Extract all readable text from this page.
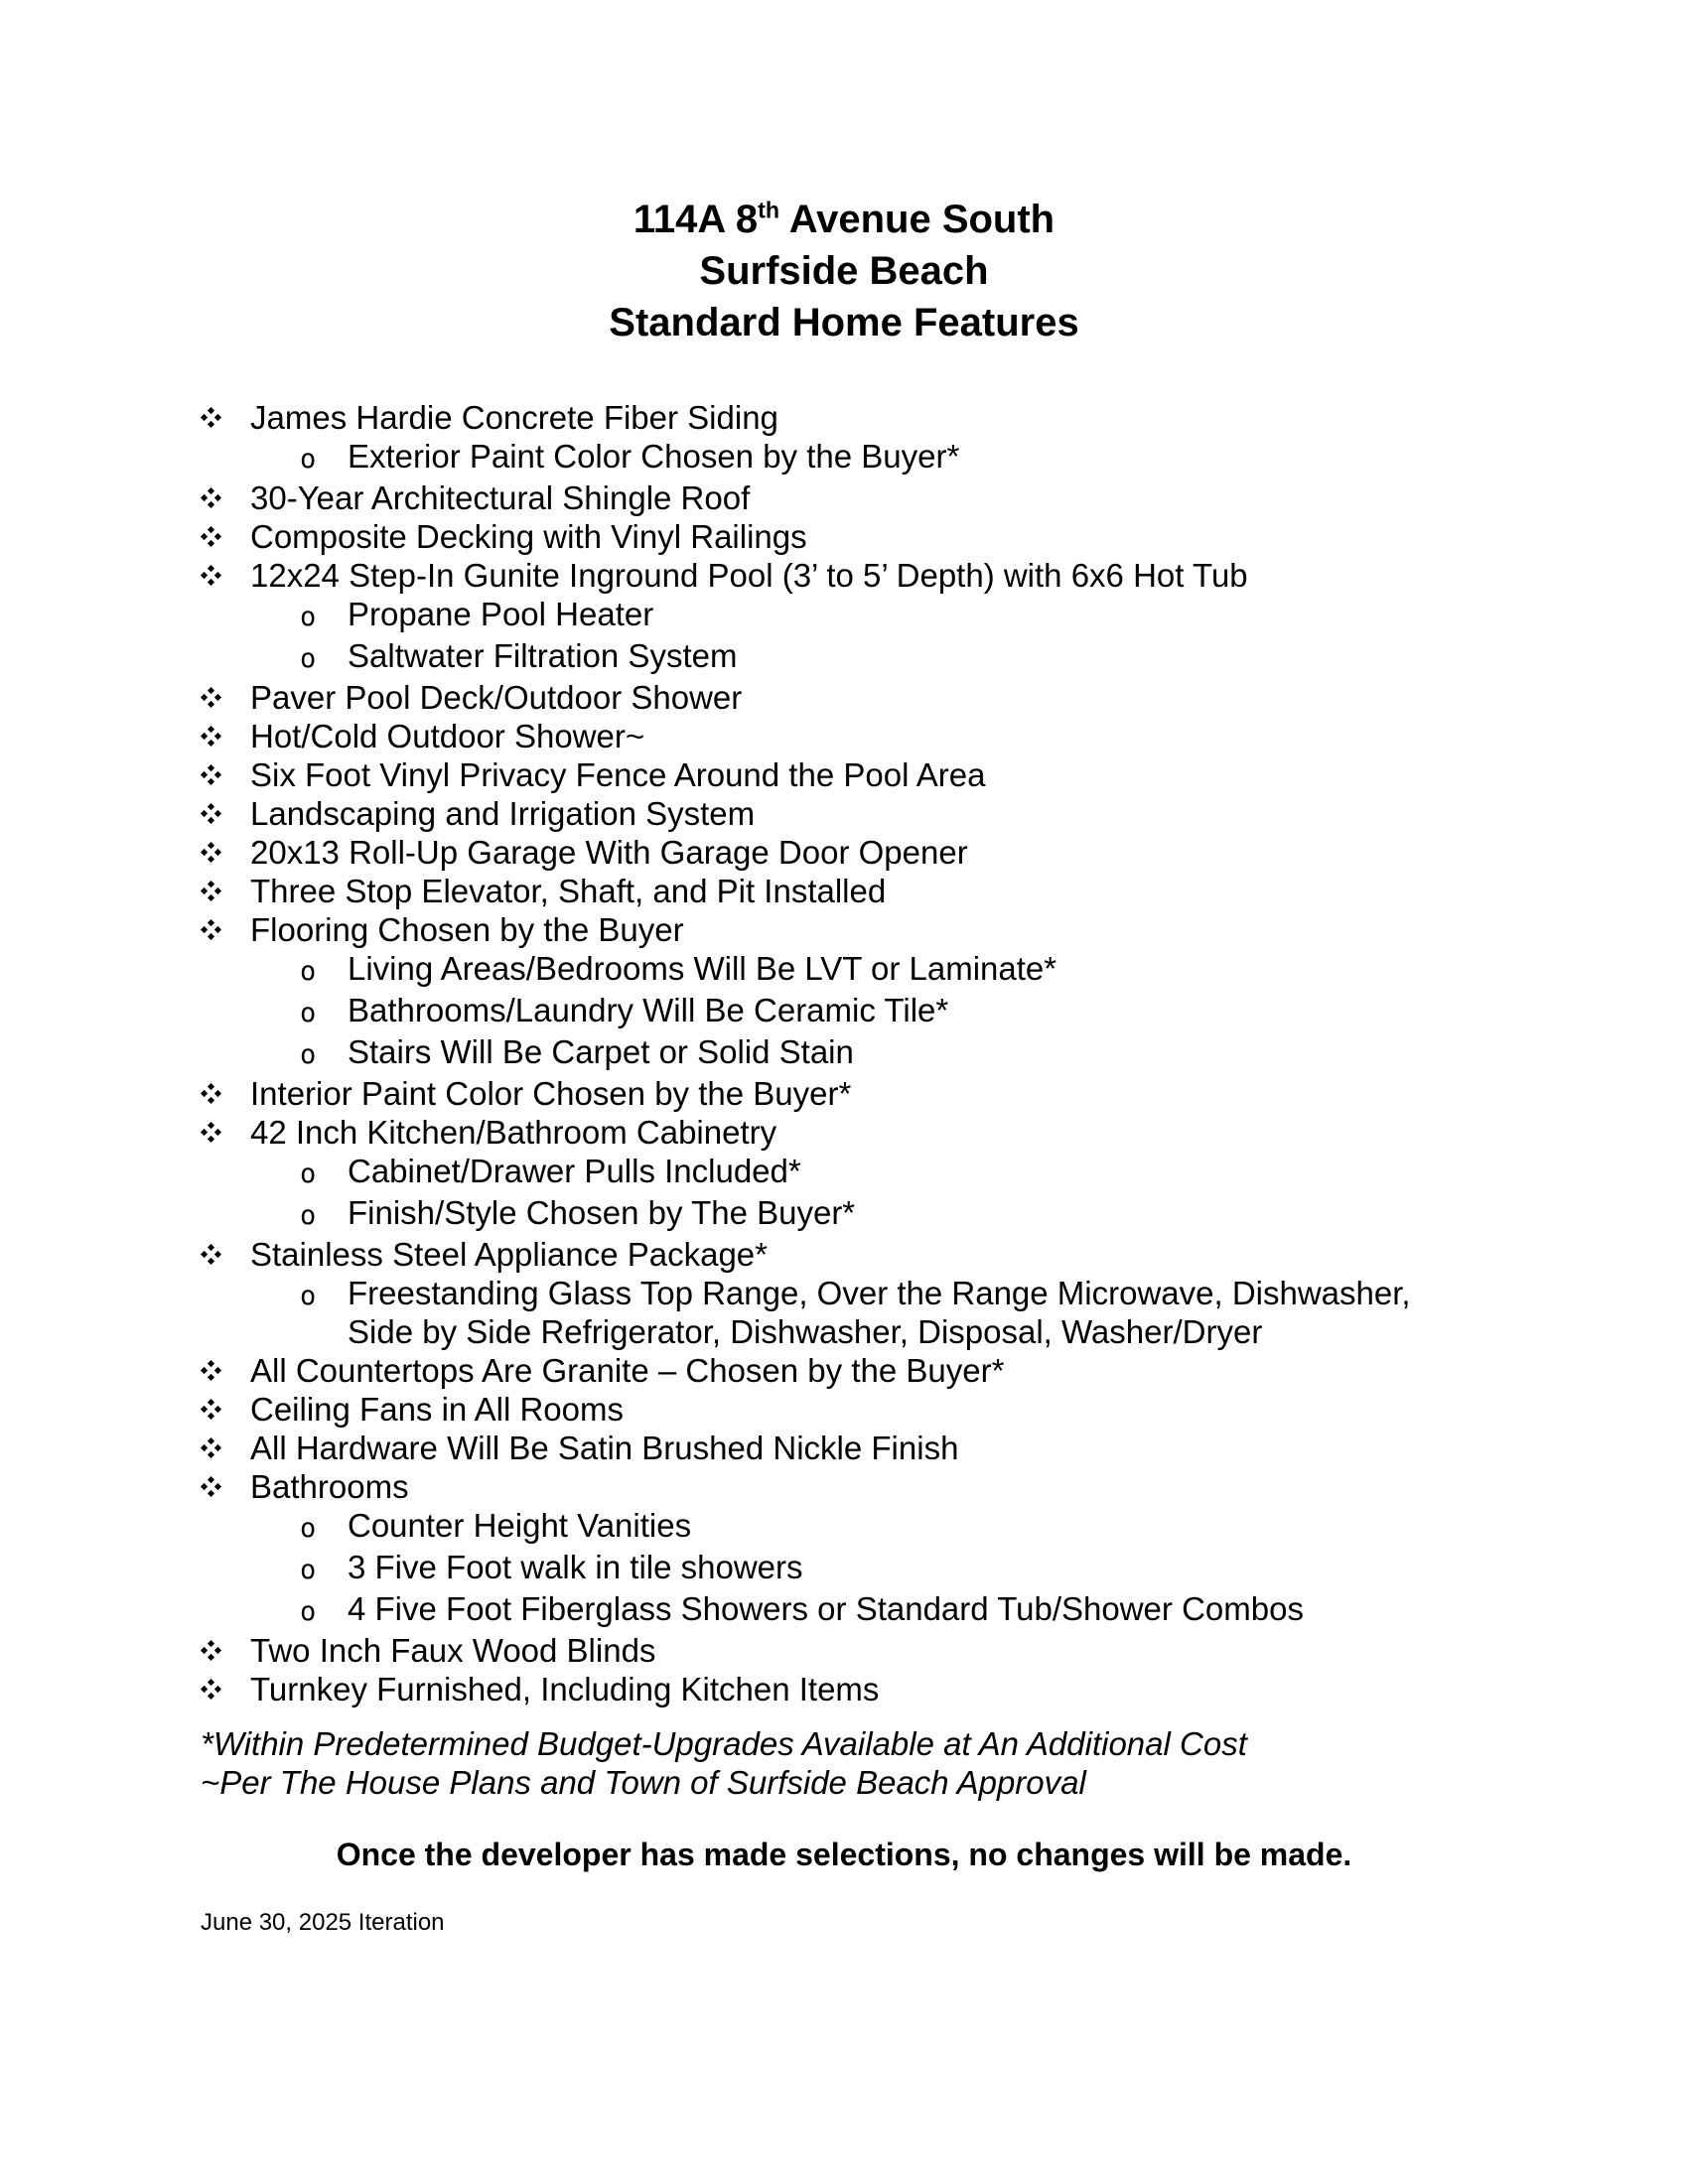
114A 8th Avenue South
Surfside Beach
Standard Home Features
James Hardie Concrete Fiber Siding
o Exterior Paint Color Chosen by the Buyer*
30-Year Architectural Shingle Roof
Composite Decking with Vinyl Railings
12x24 Step-In Gunite Inground Pool (3’ to 5’ Depth) with 6x6 Hot Tub
o Propane Pool Heater
o Saltwater Filtration System
Paver Pool Deck/Outdoor Shower
Hot/Cold Outdoor Shower~
Six Foot Vinyl Privacy Fence Around the Pool Area
Landscaping and Irrigation System
20x13 Roll-Up Garage With Garage Door Opener
Three Stop Elevator, Shaft, and Pit Installed
Flooring Chosen by the Buyer
o Living Areas/Bedrooms Will Be LVT or Laminate*
o Bathrooms/Laundry Will Be Ceramic Tile*
o Stairs Will Be Carpet or Solid Stain
Interior Paint Color Chosen by the Buyer*
42 Inch Kitchen/Bathroom Cabinetry
o Cabinet/Drawer Pulls Included*
o Finish/Style Chosen by The Buyer*
Stainless Steel Appliance Package*
o Freestanding Glass Top Range, Over the Range Microwave, Dishwasher, Side by Side Refrigerator, Dishwasher, Disposal, Washer/Dryer
All Countertops Are Granite – Chosen by the Buyer*
Ceiling Fans in All Rooms
All Hardware Will Be Satin Brushed Nickle Finish
Bathrooms
o Counter Height Vanities
o 3 Five Foot walk in tile showers
o 4 Five Foot Fiberglass Showers or Standard Tub/Shower Combos
Two Inch Faux Wood Blinds
Turnkey Furnished, Including Kitchen Items
*Within Predetermined Budget-Upgrades Available at An Additional Cost
~Per The House Plans and Town of Surfside Beach Approval
Once the developer has made selections, no changes will be made.
June 30, 2025 Iteration
